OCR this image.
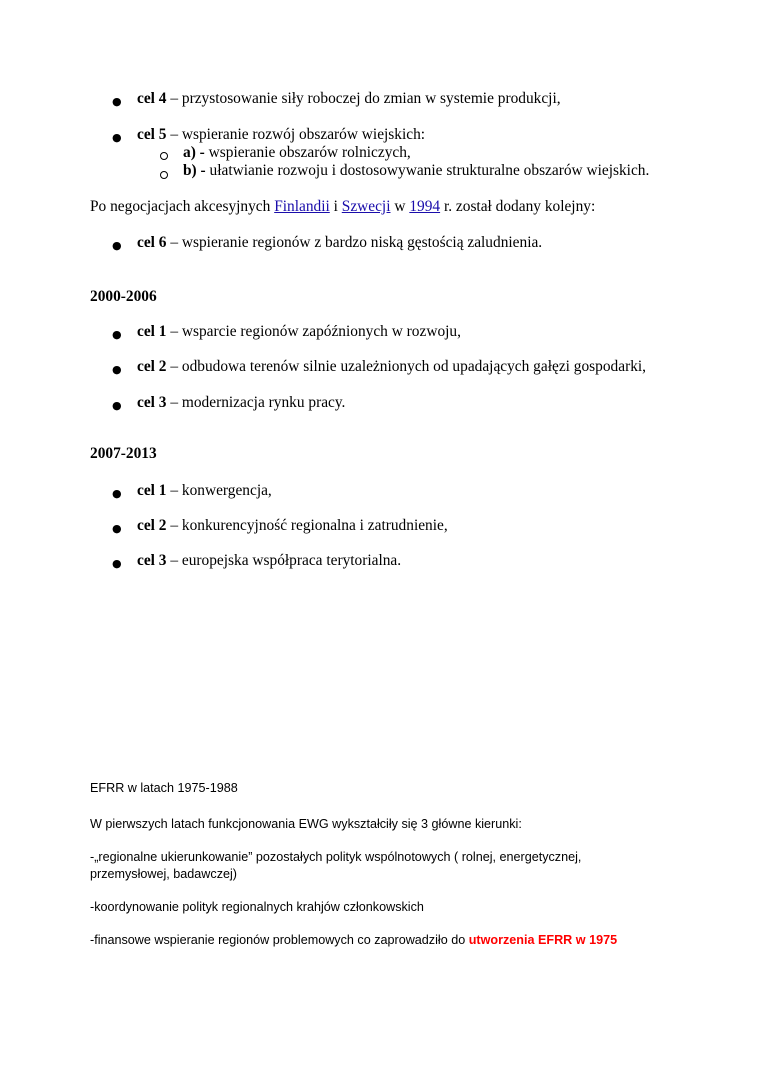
● cel 4 – przystosowanie siły roboczej do zmian w systemie produkcji,
● cel 5 – wspieranie rozwój obszarów wiejskich:
a) - wspieranie obszarów rolniczych,
b) - ułatwianie rozwoju i dostosowywanie strukturalne obszarów wiejskich.
Po negocjacjach akcesyjnych Finlandii i Szwecji w 1994 r. został dodany kolejny:
● cel 6 – wspieranie regionów z bardzo niską gęstością zaludnienia.
2000-2006
● cel 1 – wsparcie regionów zapóźnionych w rozwoju,
● cel 2 – odbudowa terenów silnie uzależnionych od upadających gałęzi gospodarki,
● cel 3 – modernizacja rynku pracy.
2007-2013
● cel 1 – konwergencja,
● cel 2 – konkurencyjność regionalna i zatrudnienie,
● cel 3 – europejska współpraca terytorialna.
EFRR w latach 1975-1988
W pierwszych latach funkcjonowania EWG wykształciły się 3 główne kierunki:
-„regionalne ukierunkowanie” pozostałych polityk wspólnotowych ( rolnej, energetycznej,
przemysłowej, badawczej)
-koordynowanie polityk regionalnych krahjów członkowskich
-finansowe wspieranie regionów problemowych co zaprowadziło do utworzenia EFRR w 1975
